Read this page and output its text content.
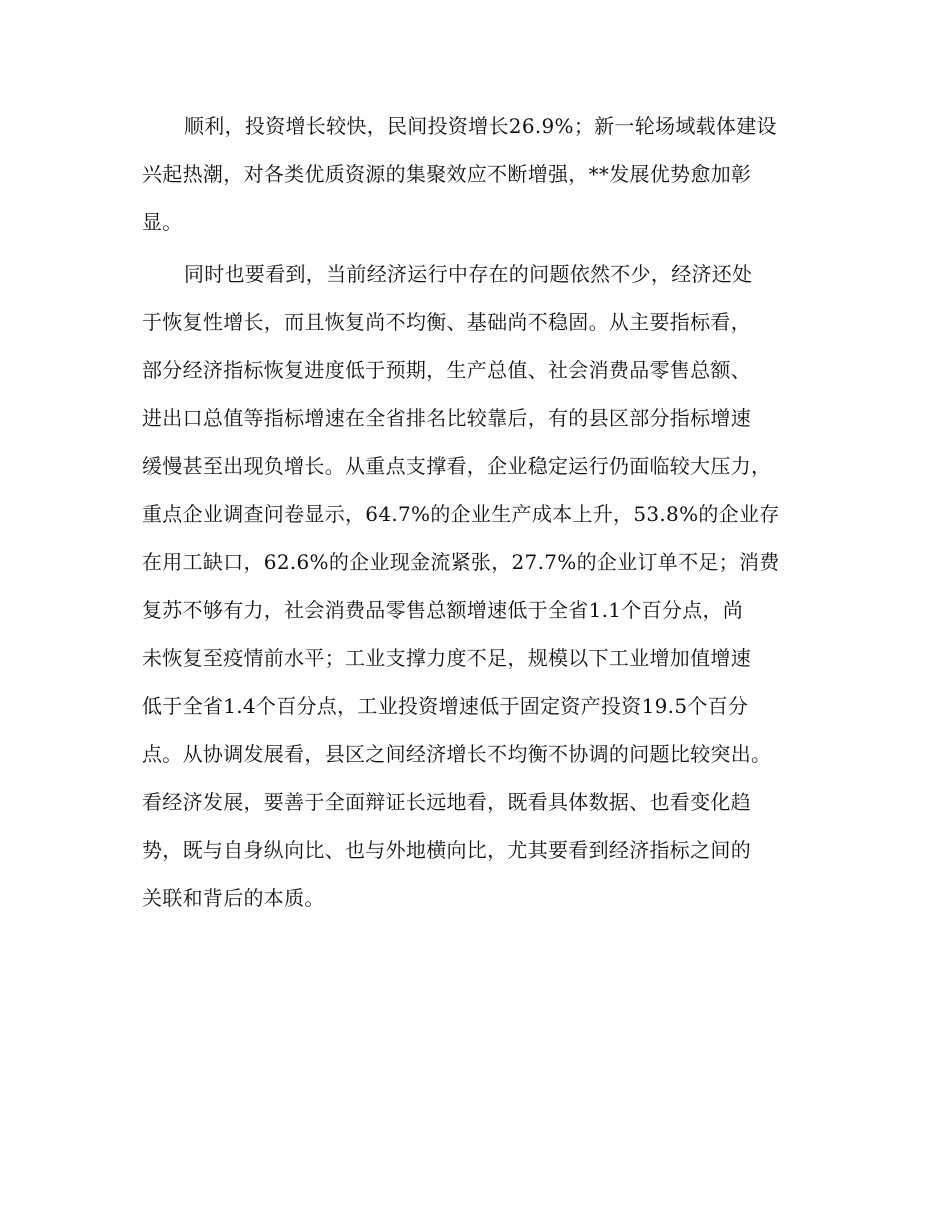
顺利，投资增长较快，民间投资增长26.9%；新一轮场域载体建设
兴起热潮，对各类优质资源的集聚效应不断增强，**发展优势愈加彰
显。
同时也要看到，当前经济运行中存在的问题依然不少，经济还处
于恢复性增长，而且恢复尚不均衡、基础尚不稳固。从主要指标看，
部分经济指标恢复进度低于预期，生产总值、社会消费品零售总额、
进出口总值等指标增速在全省排名比较靠后，有的县区部分指标增速
缓慢甚至出现负增长。从重点支撑看，企业稳定运行仍面临较大压力，
重点企业调查问卷显示，64.7%的企业生产成本上升，53.8%的企业存
在用工缺口，62.6%的企业现金流紧张，27.7%的企业订单不足；消费
复苏不够有力，社会消费品零售总额增速低于全省1.1个百分点，尚
未恢复至疫情前水平；工业支撑力度不足，规模以下工业增加值增速
低于全省1.4个百分点，工业投资增速低于固定资产投资19.5个百分
点。从协调发展看，县区之间经济增长不均衡不协调的问题比较突出。
看经济发展，要善于全面辩证长远地看，既看具体数据、也看变化趋
势，既与自身纵向比、也与外地横向比，尤其要看到经济指标之间的
关联和背后的本质。
